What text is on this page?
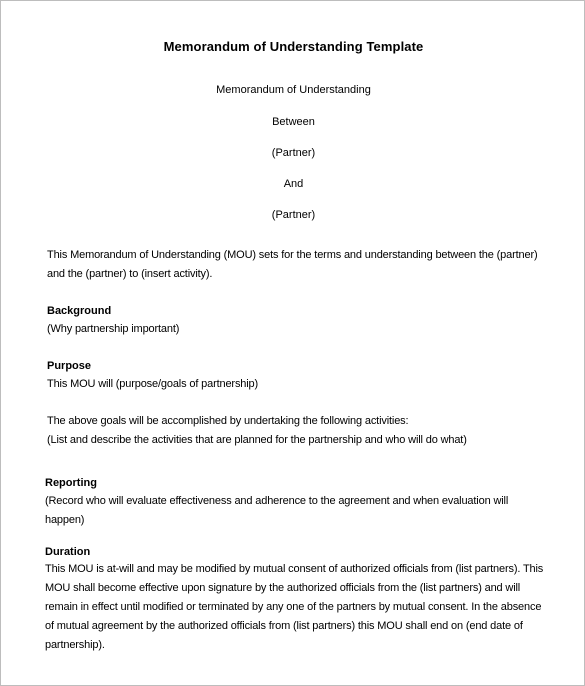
Memorandum of Understanding Template
Memorandum of Understanding
Between
(Partner)
And
(Partner)
This Memorandum of Understanding (MOU) sets for the terms and understanding between the (partner)
and the (partner) to (insert activity).
Background
(Why partnership important)
Purpose
This MOU will (purpose/goals of partnership)
The above goals will be accomplished by undertaking the following activities:
(List and describe the activities that are planned for the partnership and who will do what)
Reporting
(Record who will evaluate effectiveness and adherence to the agreement and when evaluation will
happen)
Duration
This MOU is at-will and may be modified by mutual consent of authorized officials from (list partners). This
MOU shall become effective upon signature by the authorized officials from the (list partners) and will
remain in effect until modified or terminated by any one of the partners by mutual consent. In the absence
of mutual agreement by the authorized officials from (list partners) this MOU shall end on (end date of
partnership).
